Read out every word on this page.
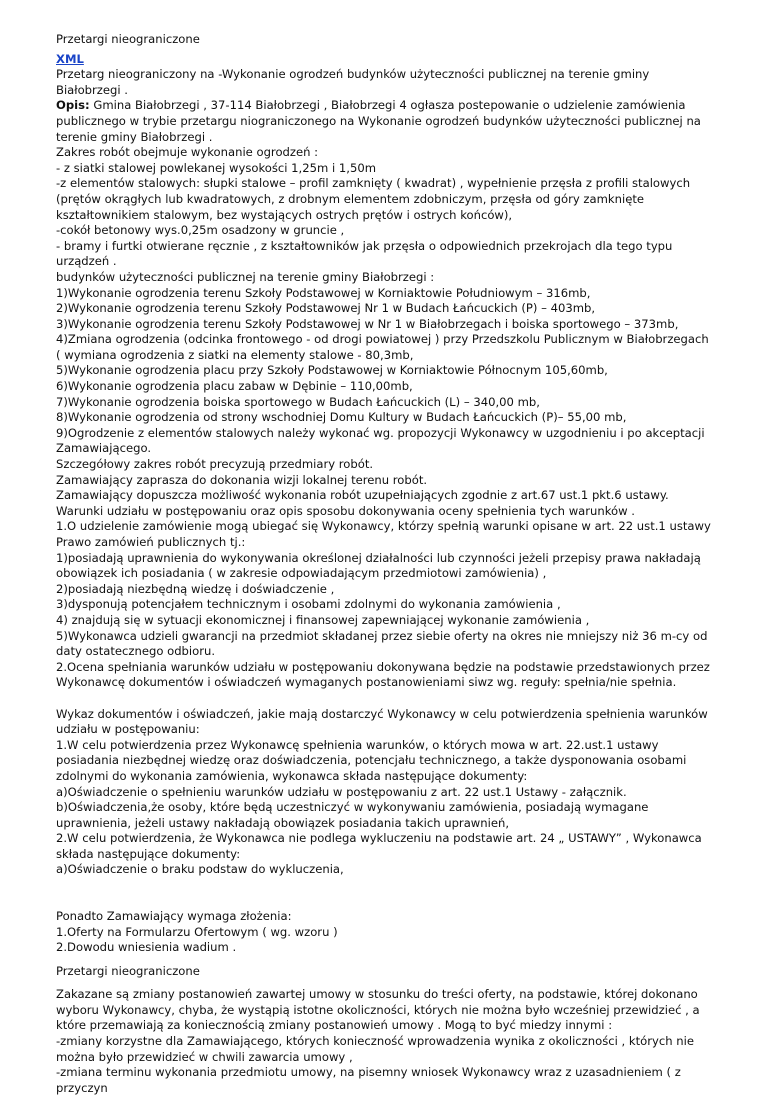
Przetargi nieograniczone
XML
Przetarg nieograniczony na -Wykonanie ogrodzeń budynków użyteczności publicznej na terenie gminy Białobrzegi .
Opis: Gmina Białobrzegi , 37-114 Białobrzegi , Białobrzegi 4 ogłasza postepowanie o udzielenie zamówienia publicznego w trybie przetargu niograniczonego na Wykonanie ogrodzeń budynków użyteczności publicznej na terenie gminy Białobrzegi .
Zakres robót obejmuje wykonanie ogrodzeń :
- z siatki stalowej powlekanej wysokości 1,25m i 1,50m
-z elementów stalowych: słupki stalowe – profil zamknięty ( kwadrat) , wypełnienie przęsła z profili stalowych (prętów okrągłych lub kwadratowych, z drobnym elementem zdobniczym, przęsła od góry zamknięte kształtownikiem stalowym, bez wystających ostrych prętów i ostrych końców),
-cokół betonowy wys.0,25m osadzony w gruncie ,
- bramy i furtki otwierane ręcznie , z kształtowników jak przęsła o odpowiednich przekrojach dla tego typu urządzeń .
budynków użyteczności publicznej na terenie gminy Białobrzegi :
1)Wykonanie ogrodzenia terenu Szkoły Podstawowej w Korniaktowie Południowym – 316mb,
2)Wykonanie ogrodzenia terenu Szkoły Podstawowej Nr 1 w Budach Łańcuckich (P) – 403mb,
3)Wykonanie ogrodzenia terenu Szkoły Podstawowej w Nr 1 w Białobrzegach i boiska sportowego – 373mb,
4)Zmiana ogrodzenia (odcinka frontowego - od drogi powiatowej ) przy Przedszkolu Publicznym w Białobrzegach ( wymiana ogrodzenia z siatki na elementy stalowe - 80,3mb,
5)Wykonanie ogrodzenia placu przy Szkoły Podstawowej w Korniaktowie Północnym 105,60mb,
6)Wykonanie ogrodzenia placu zabaw w Dębinie – 110,00mb,
7)Wykonanie ogrodzenia boiska sportowego w Budach Łańcuckich (L) – 340,00 mb,
8)Wykonanie ogrodzenia od strony wschodniej Domu Kultury w Budach Łańcuckich (P)– 55,00 mb,
9)Ogrodzenie z elementów stalowych należy wykonać wg. propozycji Wykonawcy w uzgodnieniu i po akceptacji Zamawiającego.
Szczegółowy zakres robót precyzują przedmiary robót.
Zamawiający zaprasza do dokonania wizji lokalnej terenu robót.
Zamawiający dopuszcza możliwość wykonania robót uzupełniających zgodnie z art.67 ust.1 pkt.6 ustawy.
Warunki udziału w postępowaniu oraz opis sposobu dokonywania oceny spełnienia tych warunków .
1.O udzielenie zamówienie mogą ubiegać się Wykonawcy, którzy spełnią warunki opisane w art. 22 ust.1 ustawy Prawo zamówień publicznych tj.:
1)posiadają uprawnienia do wykonywania określonej działalności lub czynności jeżeli przepisy prawa nakładają obowiązek ich posiadania ( w zakresie odpowiadającym przedmiotowi zamówienia) ,
2)posiadają niezbędną wiedzę i doświadczenie ,
3)dysponują potencjałem technicznym i osobami zdolnymi do wykonania zamówienia ,
4) znajdują się w sytuacji ekonomicznej i finansowej zapewniającej wykonanie zamówienia ,
5)Wykonawca udzieli gwarancji na przedmiot składanej przez siebie oferty na okres nie mniejszy niż 36 m-cy od daty ostatecznego odbioru.
2.Ocena spełniania warunków udziału w postępowaniu dokonywana będzie na podstawie przedstawionych przez Wykonawcę dokumentów i oświadczeń wymaganych postanowieniami siwz wg. reguły: spełnia/nie spełnia.
Wykaz dokumentów i oświadczeń, jakie mają dostarczyć Wykonawcy w celu potwierdzenia spełnienia warunków udziału w postępowaniu:
1.W celu potwierdzenia przez Wykonawcę spełnienia warunków, o których mowa w art. 22.ust.1 ustawy posiadania niezbędnej wiedzę oraz doświadczenia, potencjału technicznego, a także dysponowania osobami zdolnymi do wykonania zamówienia, wykonawca składa następujące dokumenty:
a)Oświadczenie o spełnieniu warunków udziału w postępowaniu z art. 22 ust.1 Ustawy - załącznik.
b)Oświadczenia,że osoby, które będą uczestniczyć w wykonywaniu zamówienia, posiadają wymagane uprawnienia, jeżeli ustawy nakładają obowiązek posiadania takich uprawnień,
2.W celu potwierdzenia, że Wykonawca nie podlega wykluczeniu na podstawie art. 24 „ USTAWY” , Wykonawca składa następujące dokumenty:
a)Oświadczenie o braku podstaw do wykluczenia,
Ponadto Zamawiający wymaga złożenia:
1.Oferty na Formularzu Ofertowym ( wg. wzoru )
2.Dowodu wniesienia wadium .
Zakazane są zmiany postanowień zawartej umowy w stosunku do treści oferty, na podstawie, której dokonano wyboru Wykonawcy, chyba, że wystąpią istotne okoliczności, których nie można było wcześniej przewidzieć , a które przemawiają za koniecznością zmiany postanowień umowy . Mogą to być miedzy innymi :
-zmiany korzystne dla Zamawiającego, których konieczność wprowadzenia wynika z okoliczności , których nie można było przewidzieć w chwili zawarcia umowy ,
-zmiana terminu wykonania przedmiotu umowy, na pisemny wniosek Wykonawcy wraz z uzasadnieniem ( z przyczyn
Przetargi nieograniczone
